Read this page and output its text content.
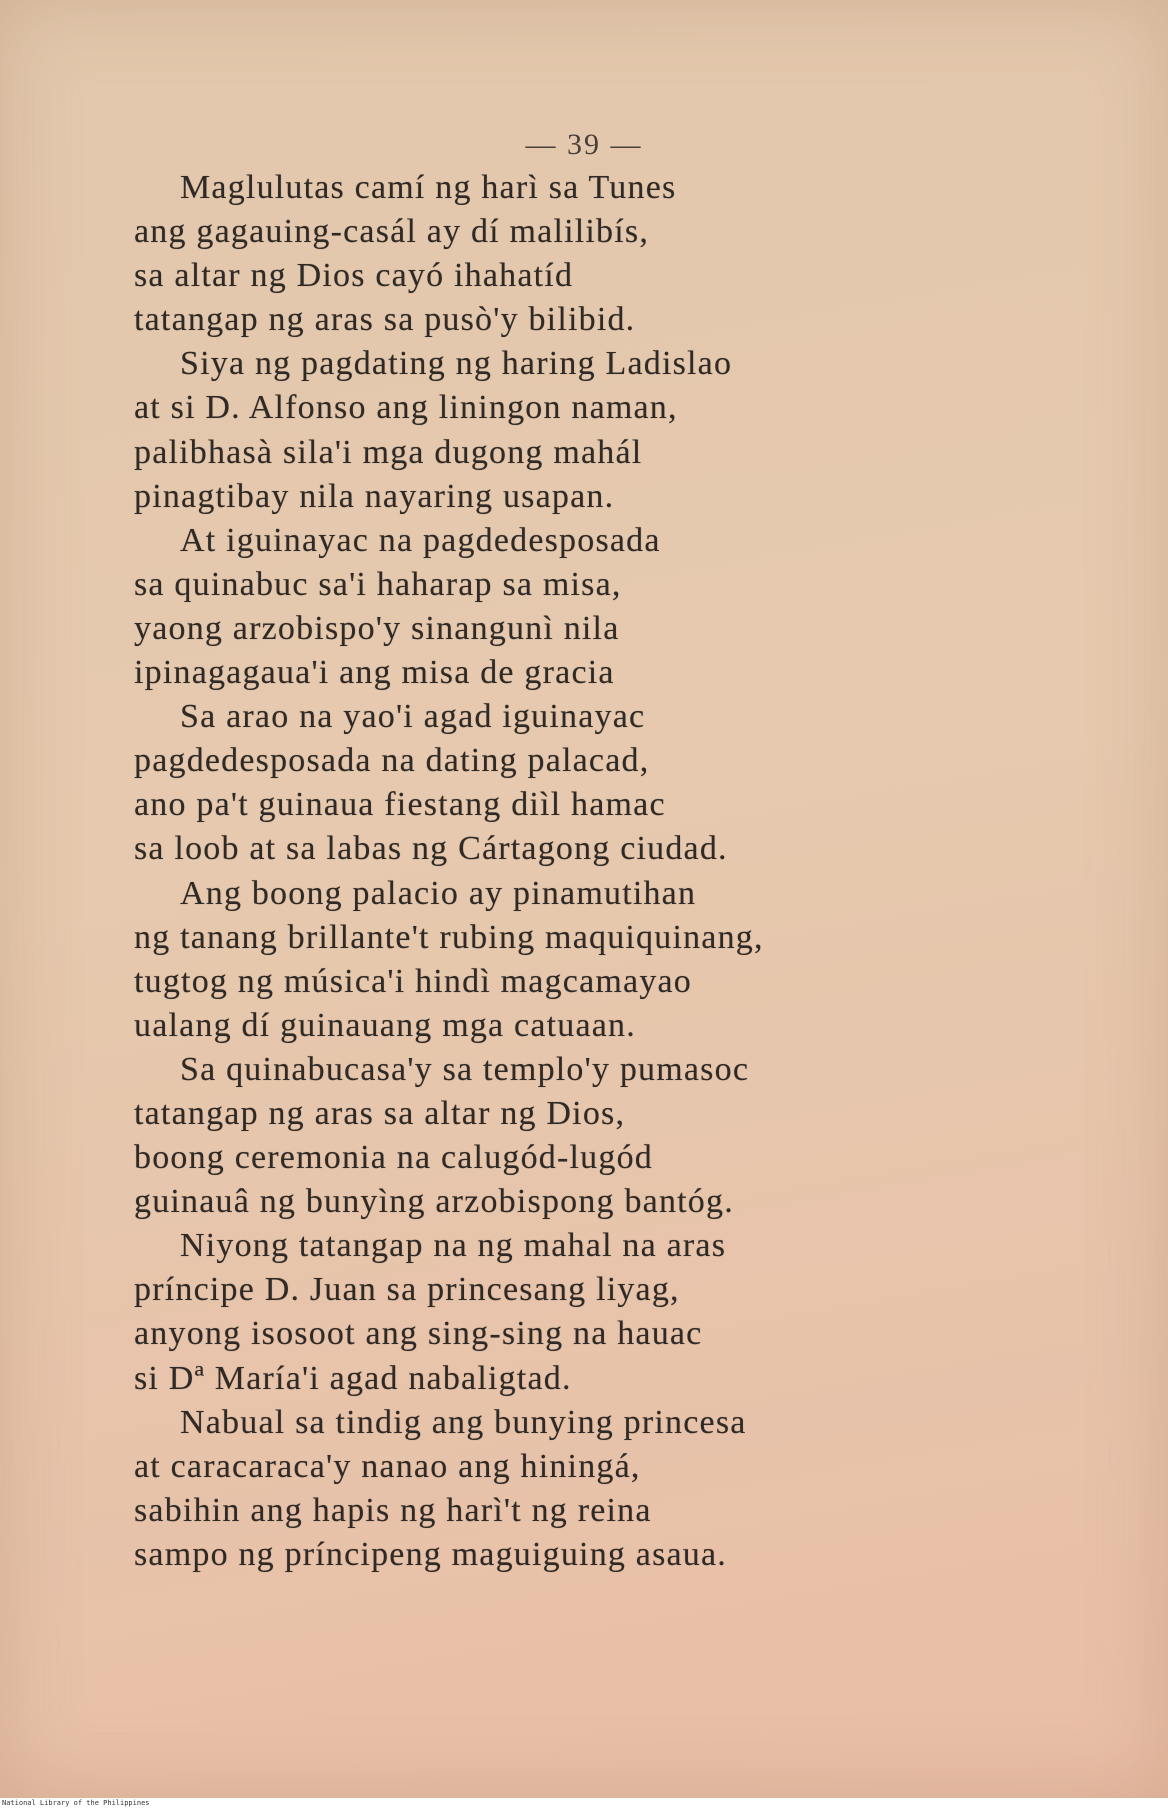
— 39 —
Maglulutas camí ng harì sa Tunes
ang gagauing-casál ay dí malilibís,
sa altar ng Dios cayó ihahatíd
tatangap ng aras sa pusò'y bilibid.
Siya ng pagdating ng haring Ladislao
at si D. Alfonso ang liningon naman,
palibhasà sila'i mga dugong mahál
pinagtibay nila nayaring usapan.
At iguinayac na pagdedesposada
sa quinabuc sa'i haharap sa misa,
yaong arzobispo'y sinangunì nila
ipinagagaua'i ang misa de gracia
Sa arao na yao'i agad iguinayac
pagdedesposada na dating palacad,
ano pa't guinaua fiestang diìl hamac
sa loob at sa labas ng Cártagong ciudad.
Ang boong palacio ay pinamutihan
ng tanang brillante't rubing maquiquinang,
tugtog ng música'i hindì magcamayao
ualang dí guinauang mga catuaan.
Sa quinabucasa'y sa templo'y pumasoc
tatangap ng aras sa altar ng Dios,
boong ceremonia na calugód-lugód
guinauâ ng bunyìng arzobispong bantóg.
Niyong tatangap na ng mahal na aras
príncipe D. Juan sa princesang liyag,
anyong isosoot ang sing-sing na hauac
si Dª María'i agad nabaligtad.
Nabual sa tindig ang bunying princesa
at caracaraca'y nanao ang hiningá,
sabihin ang hapis ng harì't ng reina
sampo ng príncipeng maguiguing asaua.
National Library of the Philippines
